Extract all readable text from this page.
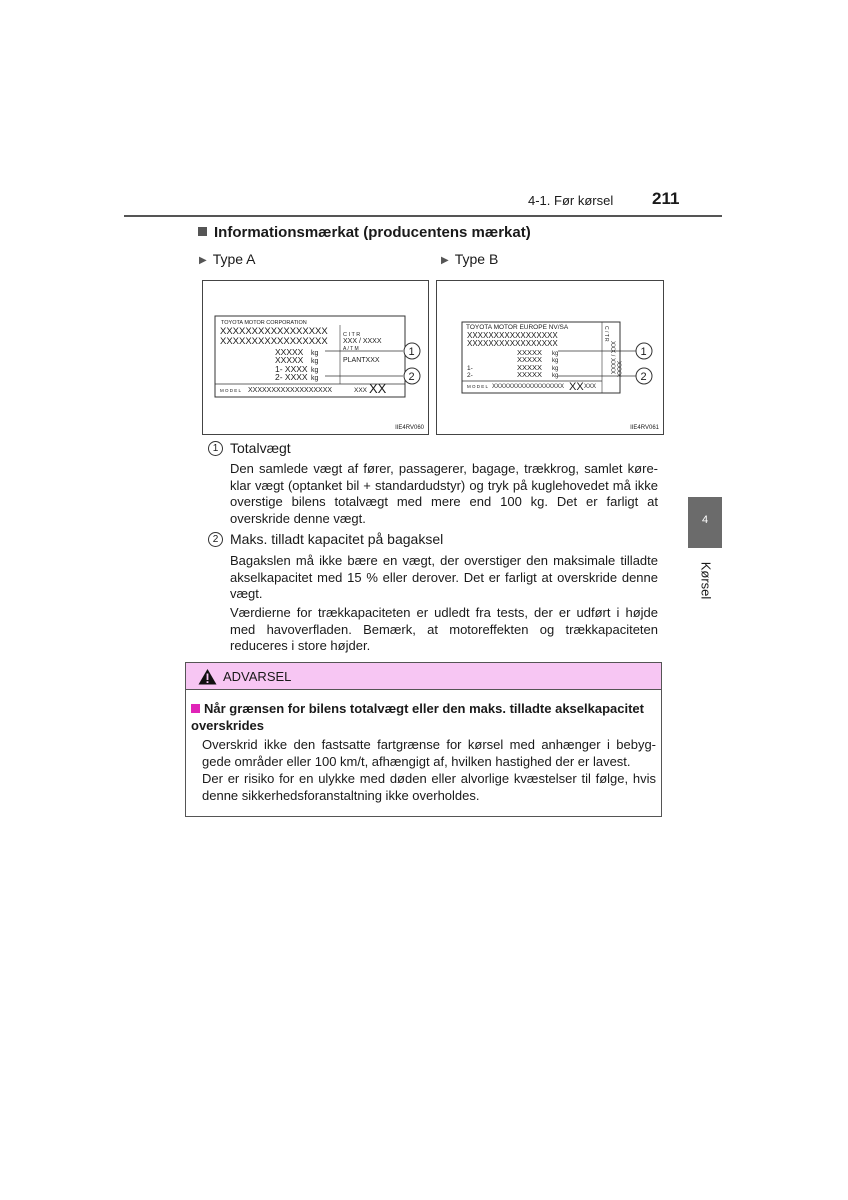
4-1. Før kørsel 211
4
Kørsel
Informationsmærkat (producentens mærkat)
▶ Type A	▶ Type B
TOYOTA MOTOR CORPORATION
XXXXXXXXXXXXXXXXX
XXXXXXXXXXXXXXXXX
C I T R
XXX / XXXX
A / T M
PLANTXXX
XXXXX kg
XXXXX kg
1- XXXX kg
2- XXXX kg
M O D E L XXXXXXXXXXXXXXXXXX	XXX XX
1
2
IIE4RV060
TOYOTA MOTOR EUROPE NV/SA
XXXXXXXXXXXXXXXXX
XXXXXXXXXXXXXXXXX
XXXXX kg
XXXXX kg
1-	XXXXX kg
2-	XXXXX kg
M O D E L XXXXXXXXXXXXXXXXXX XX XXX
C / T R
XXX / XXXX XXXX
1
2
IIE4RV061
1 Totalvægt
Den samlede vægt af fører, passagerer, bagage, trækkrog, samlet køre-klar vægt (optanket bil + standardudstyr) og tryk på kuglehovedet må ikke overstige bilens totalvægt med mere end 100 kg. Det er farligt at overskride denne vægt.
2 Maks. tilladt kapacitet på bagaksel
Bagakslen må ikke bære en vægt, der overstiger den maksimale tilladte akselkapacitet med 15 % eller derover. Det er farligt at overskride denne vægt.
Værdierne for trækkapaciteten er udledt fra tests, der er udført i højde med havoverfladen. Bemærk, at motoreffekten og trækkapaciteten reduceres i store højder.
ADVARSEL
Når grænsen for bilens totalvægt eller den maks. tilladte akselkapacitet overskrides
Overskrid ikke den fastsatte fartgrænse for kørsel med anhænger i bebyg-gede områder eller 100 km/t, afhængigt af, hvilken hastighed der er lavest.
Der er risiko for en ulykke med døden eller alvorlige kvæstelser til følge, hvis denne sikkerhedsforanstaltning ikke overholdes.
